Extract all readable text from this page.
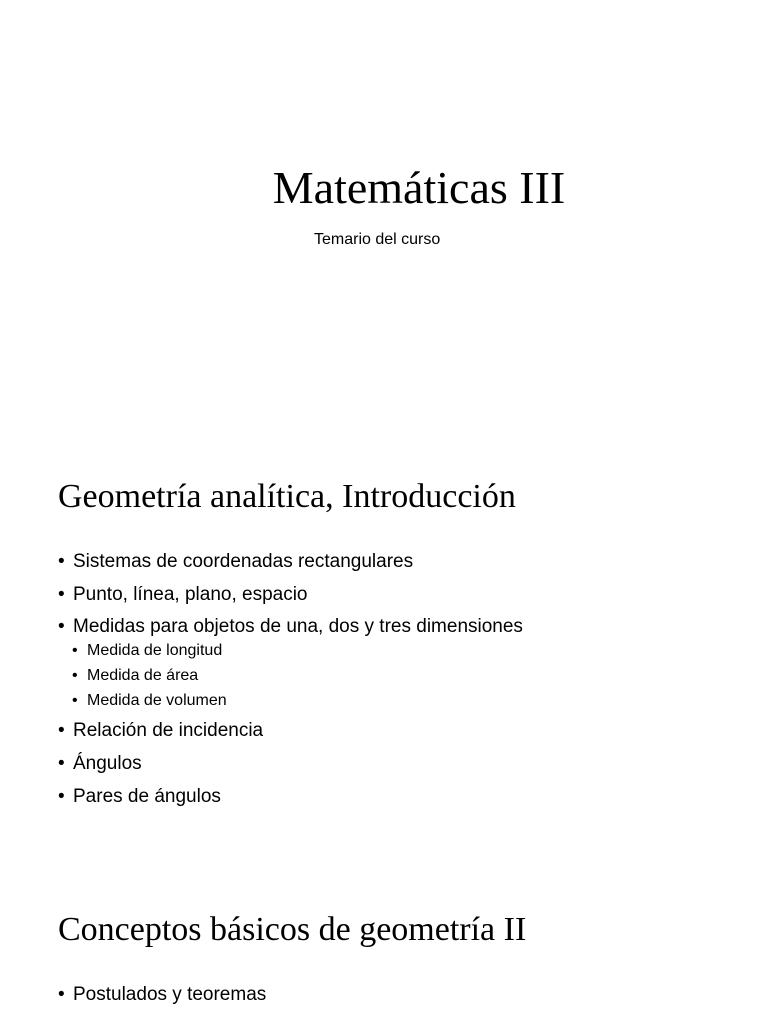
Matemáticas III

Temario del curso

Geometría analítica, Introducción
• Sistemas de coordenadas rectangulares
• Punto, línea, plano, espacio
• Medidas para objetos de una, dos y tres dimensiones
• Medida de longitud
• Medida de área
• Medida de volumen
• Relación de incidencia
• Ángulos
• Pares de ángulos
Conceptos básicos de geometría II
• Postulados y teoremas
